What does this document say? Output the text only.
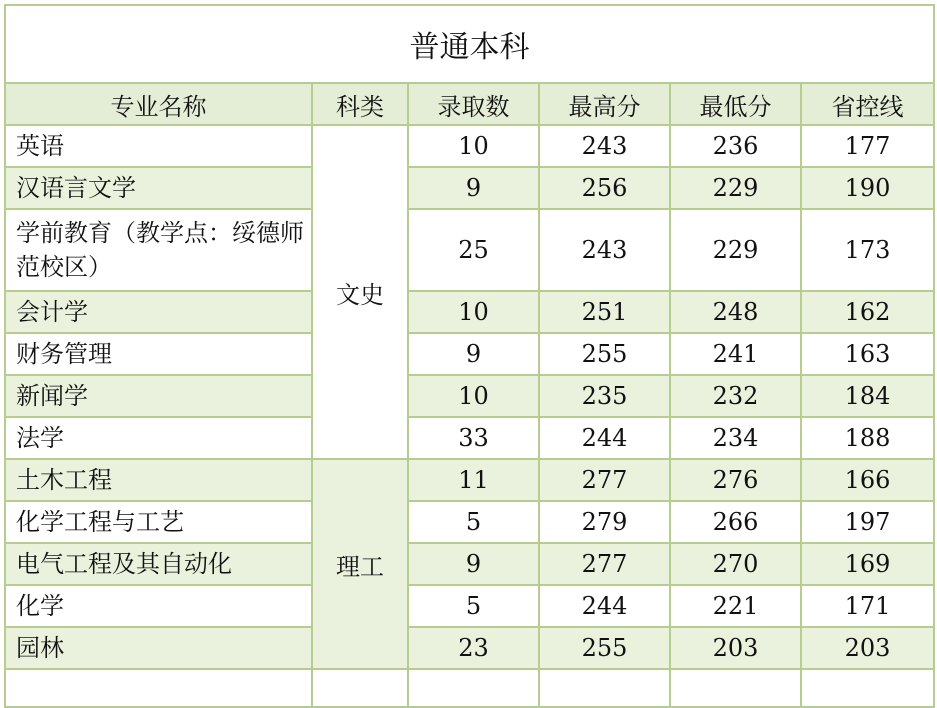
普通本科					
专业名称	科类	录取数	最高分	最低分	省控线
英语	文史	10	243	236	177
汉语言文学		9	256	229	190
学前教育（教学点：绥德师范校区）		25	243	229	173
会计学		10	251	248	162
财务管理		9	255	241	163
新闻学		10	235	232	184
法学		33	244	234	188
土木工程	理工	11	277	276	166
化学工程与工艺		5	279	266	197
电气工程及其自动化		9	277	270	169
化学		5	244	221	171
园林		23	255	203	203
